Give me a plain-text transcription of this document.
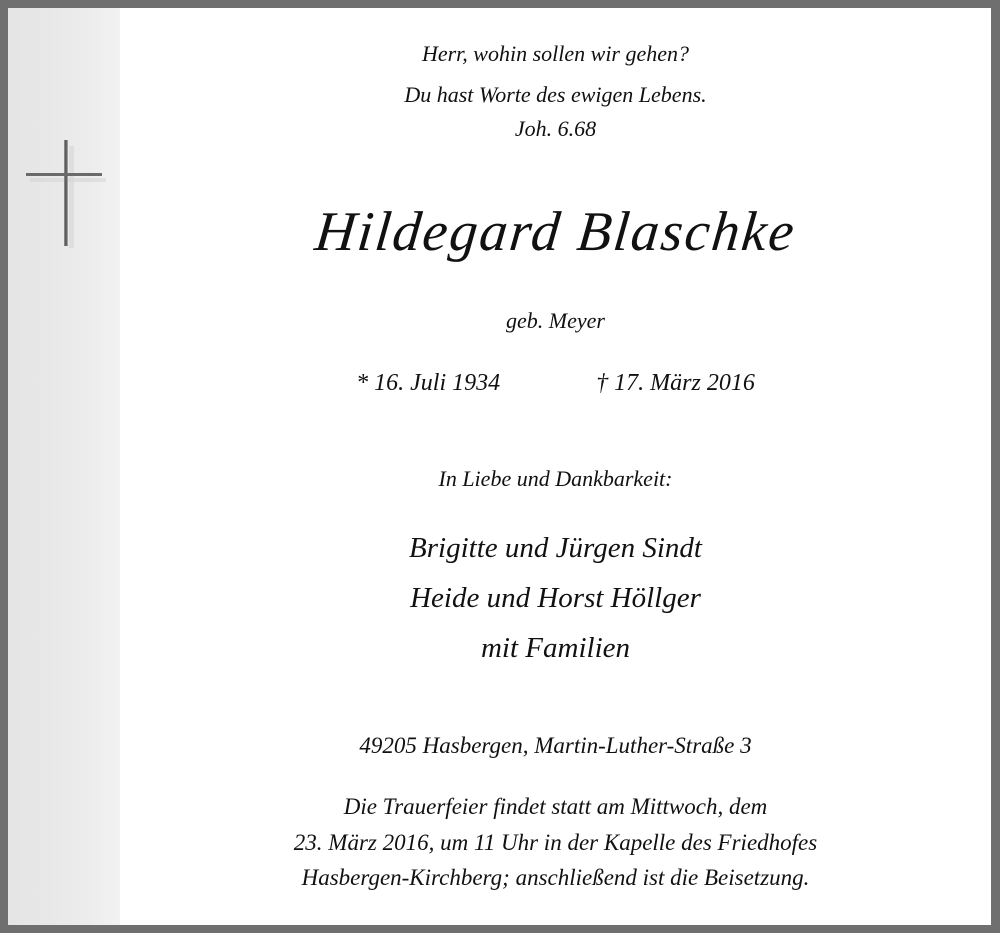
Herr, wohin sollen wir gehen?

Du hast Worte des ewigen Lebens.

Joh. 6.68

Hildegard Blaschke

geb. Meyer

* 16. Juli 1934	† 17. März 2016

In Liebe und Dankbarkeit:

Brigitte und Jürgen Sindt

Heide und Horst Höllger

mit Familien

49205 Hasbergen, Martin-Luther-Straße 3

Die Trauerfeier findet statt am Mittwoch, dem

23. März 2016, um 11 Uhr in der Kapelle des Friedhofes

Hasbergen-Kirchberg; anschließend ist die Beisetzung.
